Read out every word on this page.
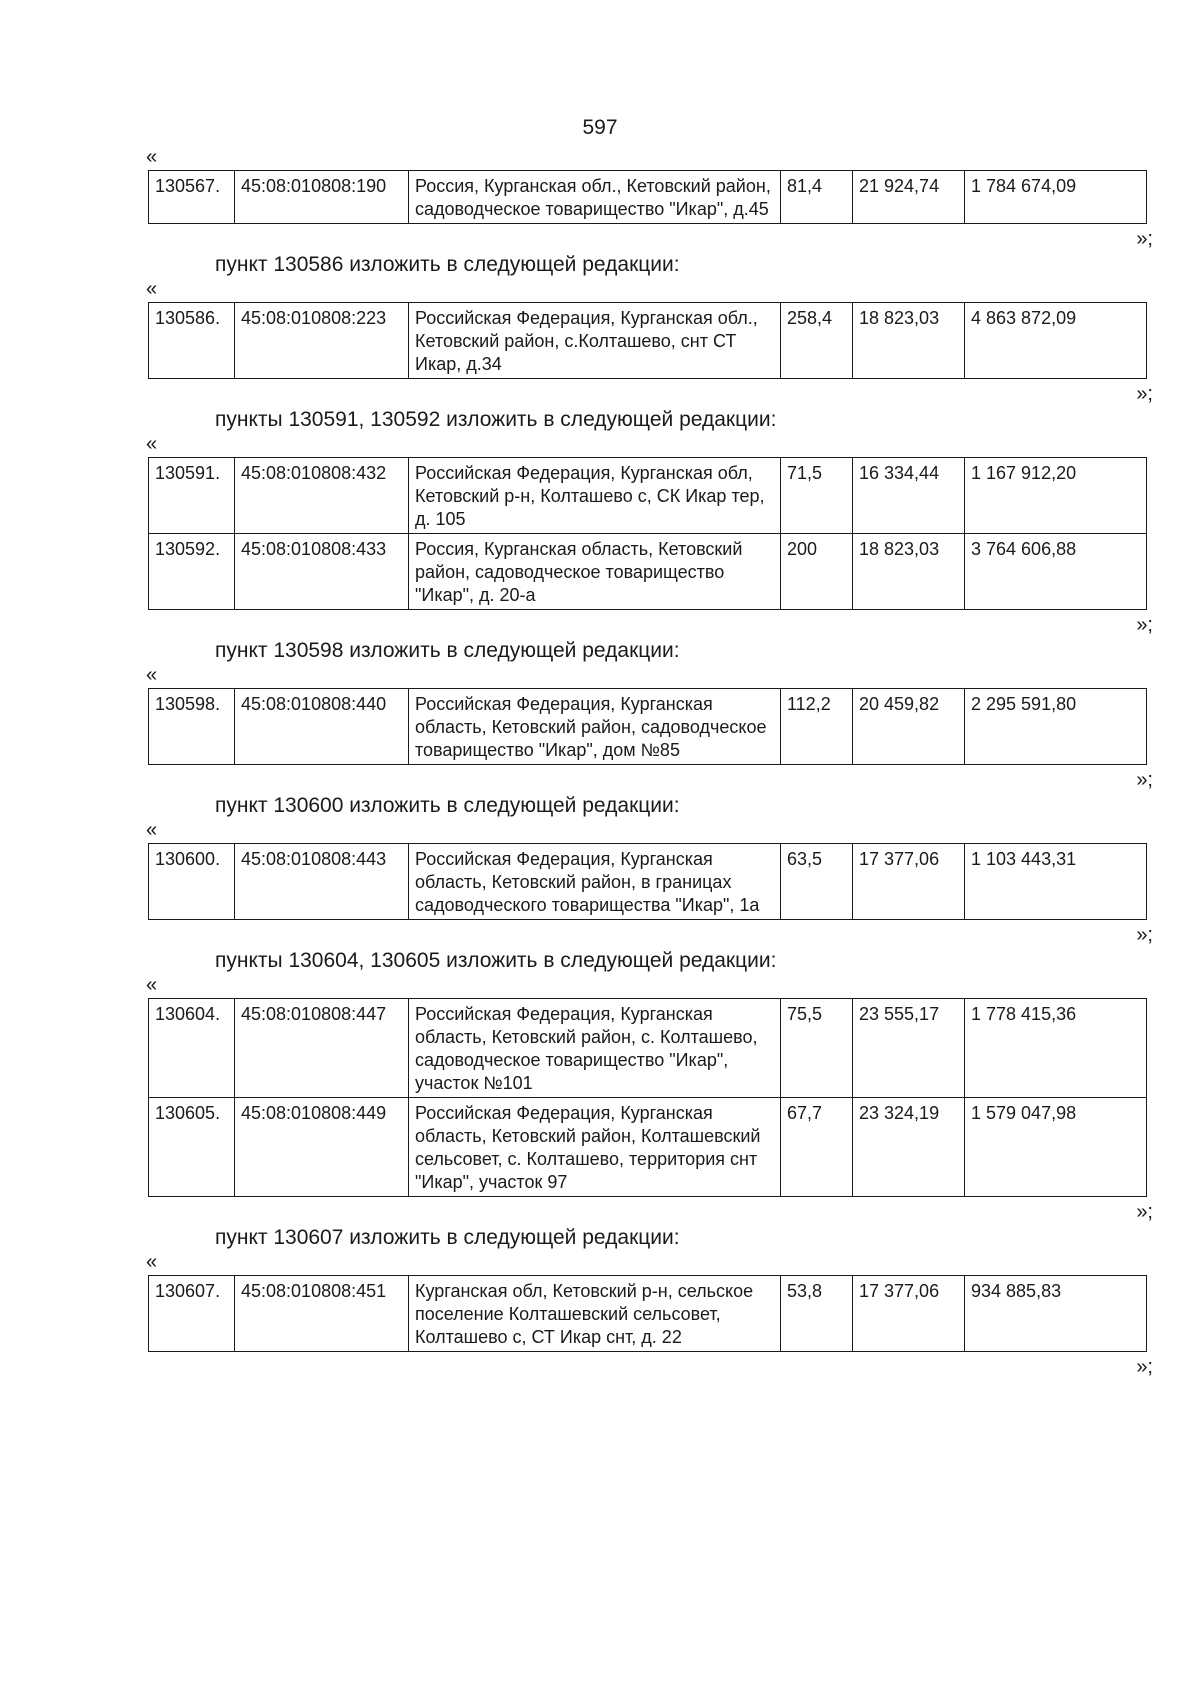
597
«
130567.	45:08:010808:190	Россия, Курганская обл., Кетовский район, садоводческое товарищество "Икар", д.45	81,4	21 924,74	1 784 674,09
»;
пункт 130586 изложить в следующей редакции:
«
130586.	45:08:010808:223	Российская Федерация, Курганская обл., Кетовский район, с.Колташево, снт СТ Икар, д.34	258,4	18 823,03	4 863 872,09
»;
пункты 130591, 130592 изложить в следующей редакции:
«
130591.	45:08:010808:432	Российская Федерация, Курганская обл, Кетовский р-н, Колташево с, СК Икар тер, д. 105	71,5	16 334,44	1 167 912,20
130592.	45:08:010808:433	Россия, Курганская область, Кетовский район, садоводческое товарищество "Икар", д. 20-а	200	18 823,03	3 764 606,88
»;
пункт 130598 изложить в следующей редакции:
«
130598.	45:08:010808:440	Российская Федерация, Курганская область, Кетовский район, садоводческое товарищество "Икар", дом №85	112,2	20 459,82	2 295 591,80
»;
пункт 130600 изложить в следующей редакции:
«
130600.	45:08:010808:443	Российская Федерация, Курганская область, Кетовский район, в границах садоводческого товарищества "Икар", 1а	63,5	17 377,06	1 103 443,31
»;
пункты 130604, 130605 изложить в следующей редакции:
«
130604.	45:08:010808:447	Российская Федерация, Курганская область, Кетовский район, с. Колташево, садоводческое товарищество "Икар", участок №101	75,5	23 555,17	1 778 415,36
130605.	45:08:010808:449	Российская Федерация, Курганская область, Кетовский район, Колташевский сельсовет, с. Колташево, территория снт "Икар", участок 97	67,7	23 324,19	1 579 047,98
»;
пункт 130607 изложить в следующей редакции:
«
130607.	45:08:010808:451	Курганская обл, Кетовский р-н, сельское поселение Колташевский сельсовет, Колташево с, СТ Икар снт, д. 22	53,8	17 377,06	934 885,83
»;
